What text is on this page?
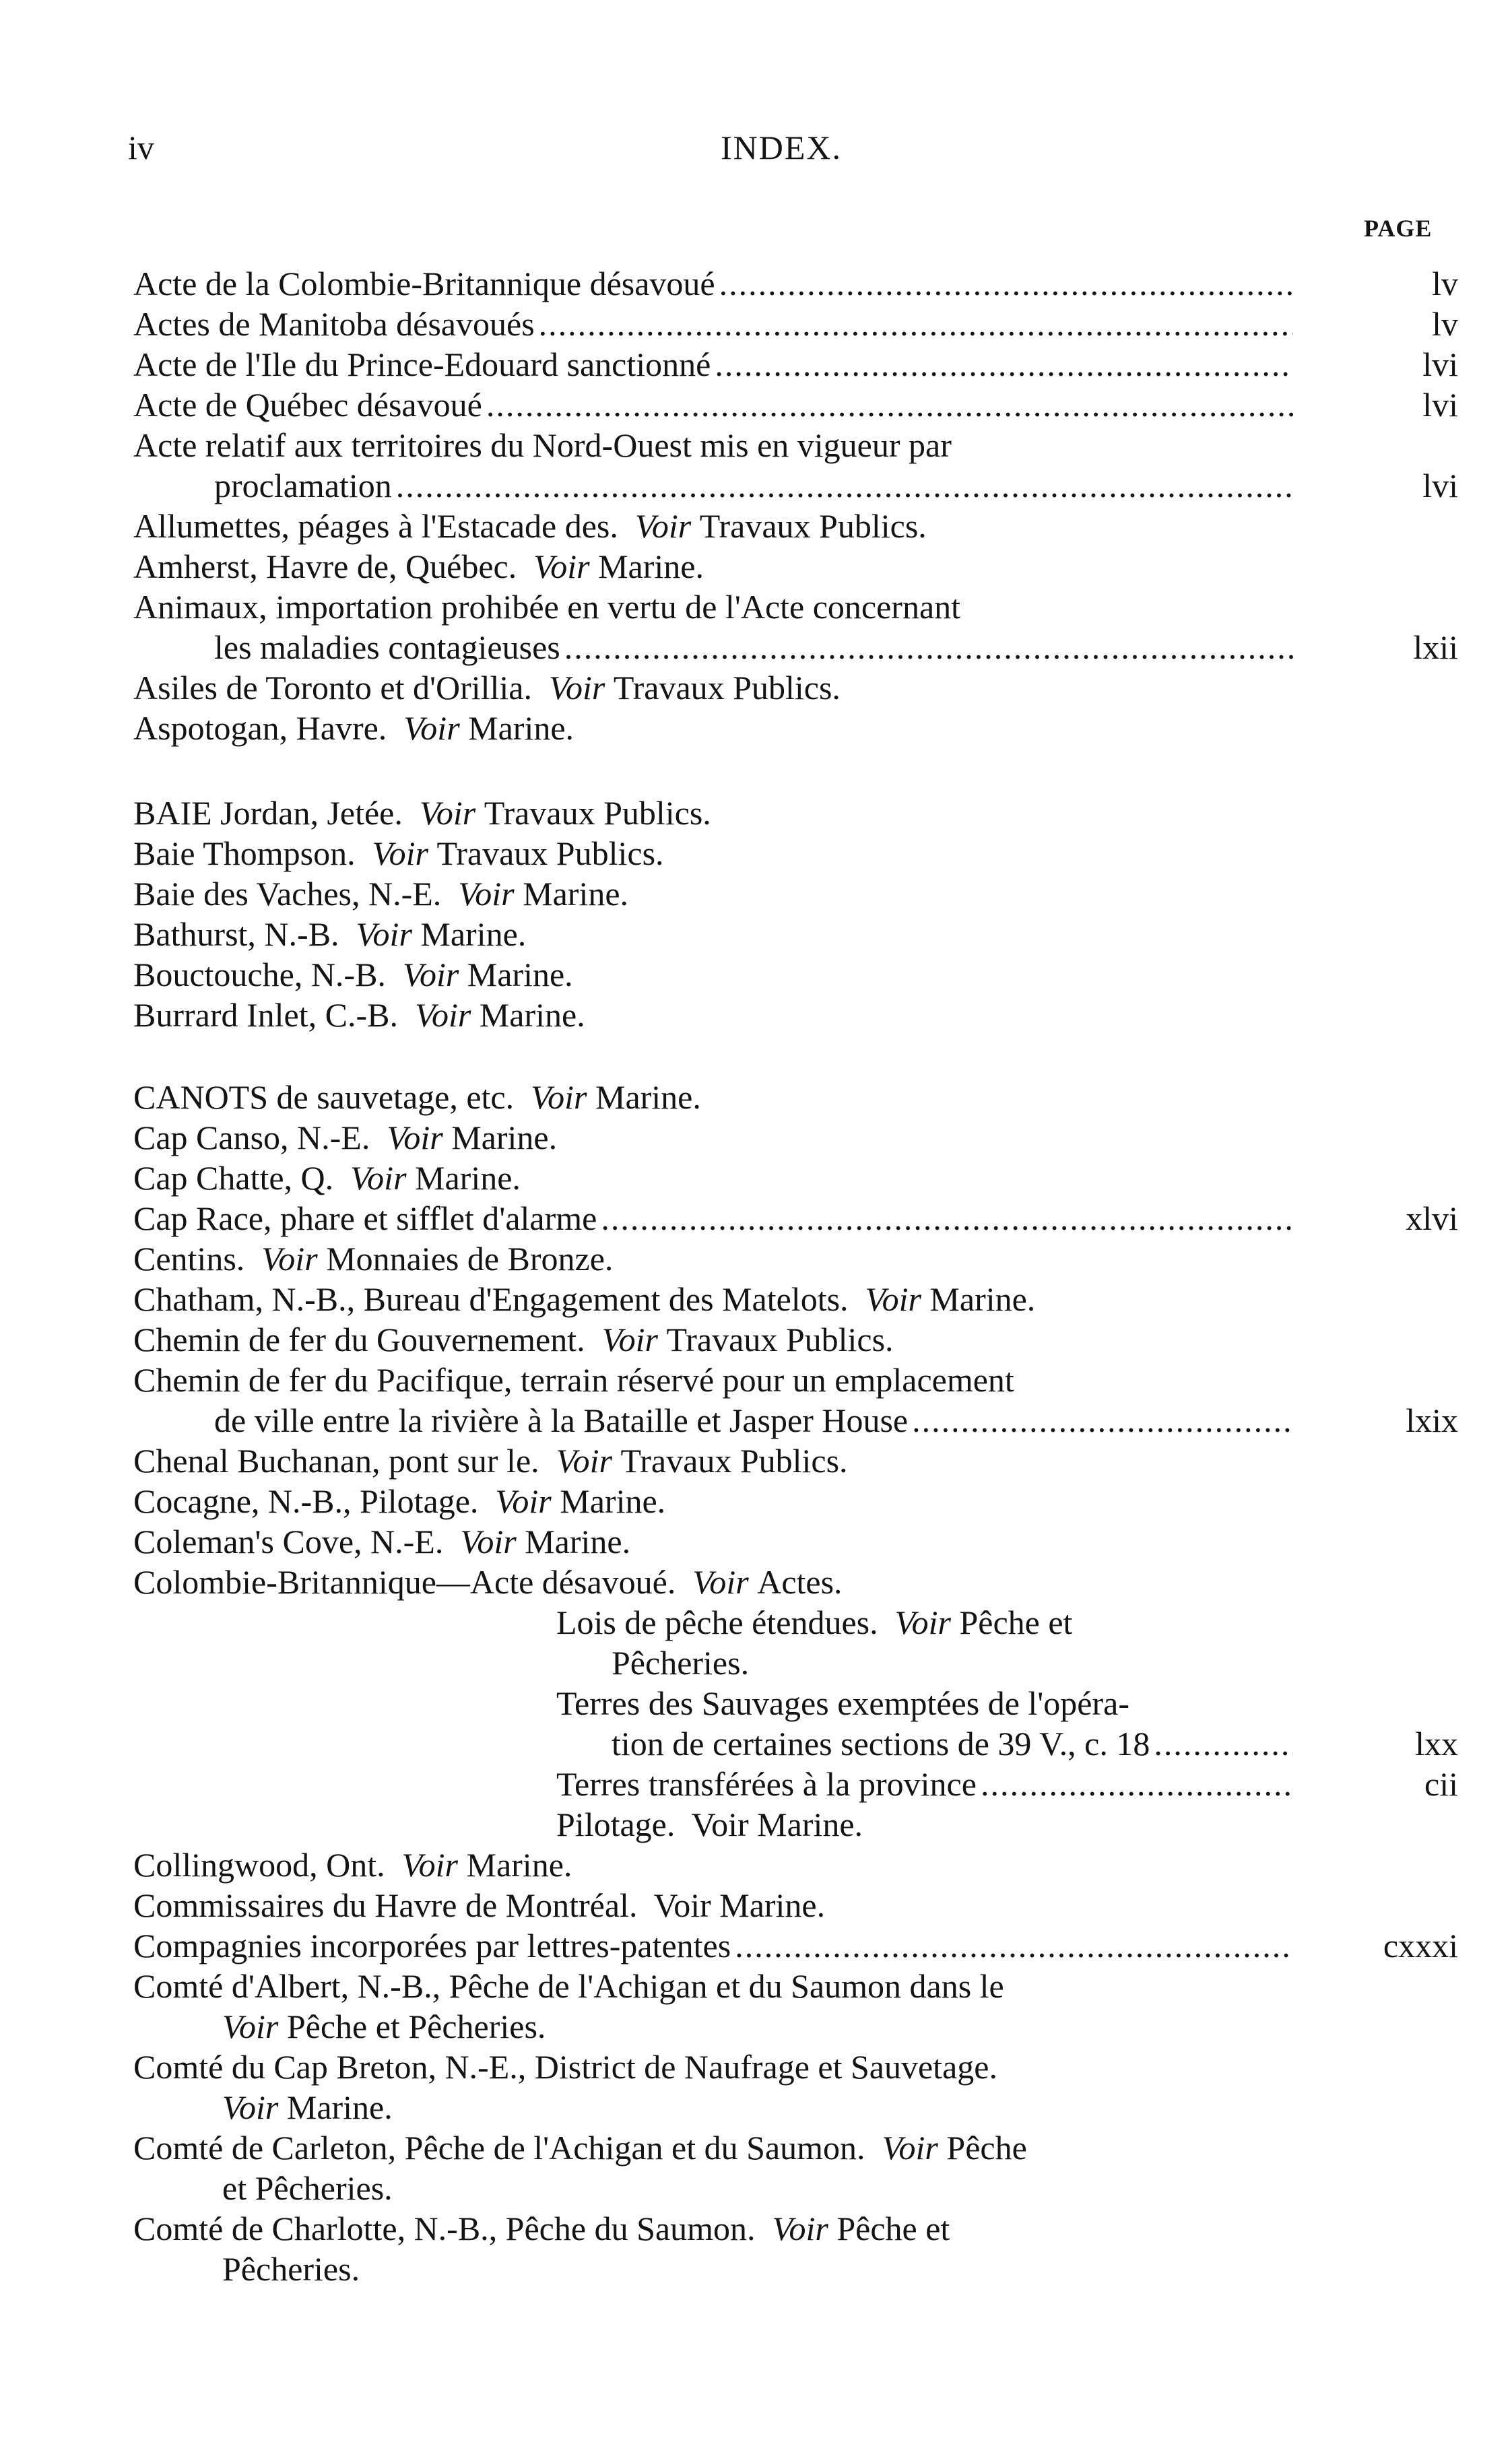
iv	INDEX.
PAGE
Acte de la Colombie-Britannique désavoué .....	lv
Actes de Manitoba désavoués .....	lv
Acte de l'Ile du Prince-Edouard sanctionné .....	lvi
Acte de Québec désavoué .....	lvi
Acte relatif aux territoires du Nord-Ouest mis en vigueur par
proclamation .....	lvi
Allumettes, péages à l'Estacade des.
Voir
Travaux Publics.
Amherst, Havre de, Québec.
Voir
Marine.
Animaux, importation prohibée en vertu de l'Acte concernant
les maladies contagieuses .....	lxii
Asiles de Toronto et d'Orillia.
Voir
Travaux Publics.
Aspotogan, Havre.
Voir
Marine.
BAIE Jordan, Jetée.
Voir
Travaux Publics.
Baie Thompson.
Voir
Travaux Publics.
Baie des Vaches, N.-E.
Voir
Marine.
Bathurst, N.-B.
Voir
Marine.
Bouctouche, N.-B.
Voir
Marine.
Burrard Inlet, C.-B.
Voir
Marine.
CANOTS de sauvetage, etc.
Voir
Marine.
Cap Canso, N.-E.
Voir
Marine.
Cap Chatte, Q.
Voir
Marine.
Cap Race, phare et sifflet d'alarme .....	xlvi
Centins.
Voir
Monnaies de Bronze.
Chatham, N.-B., Bureau d'Engagement des Matelots.
Voir
Marine.
Chemin de fer du Gouvernement.
Voir
Travaux Publics.
Chemin de fer du Pacifique, terrain réservé pour un emplacement
de ville entre la rivière à la Bataille et Jasper House .....	lxix
Chenal Buchanan, pont sur le.
Voir
Travaux Publics.
Cocagne, N.-B., Pilotage.
Voir
Marine.
Coleman's Cove, N.-E.
Voir
Marine.
Colombie-Britannique—Acte désavoué.
Voir
Actes.
Lois de pêche étendues.
Voir
Pêche et
Pêcheries.
Terres des Sauvages exemptées de l'opéra-
tion de certaines sections de 39 V., c. 18 .....	lxx
Terres transférées à la province .....	cii
Pilotage.  Voir Marine.
Collingwood, Ont.
Voir
Marine.
Commissaires du Havre de Montréal.  Voir Marine.
Compagnies incorporées par lettres-patentes .....	cxxxi
Comté d'Albert, N.-B., Pêche de l'Achigan et du Saumon dans le
Voir
Pêche et Pêcheries.
Comté du Cap Breton, N.-E., District de Naufrage et Sauvetage.
Voir
Marine.
Comté de Carleton, Pêche de l'Achigan et du Saumon.
Voir
Pêche
et Pêcheries.
Comté de Charlotte, N.-B., Pêche du Saumon.
Voir
Pêche et
Pêcheries.
